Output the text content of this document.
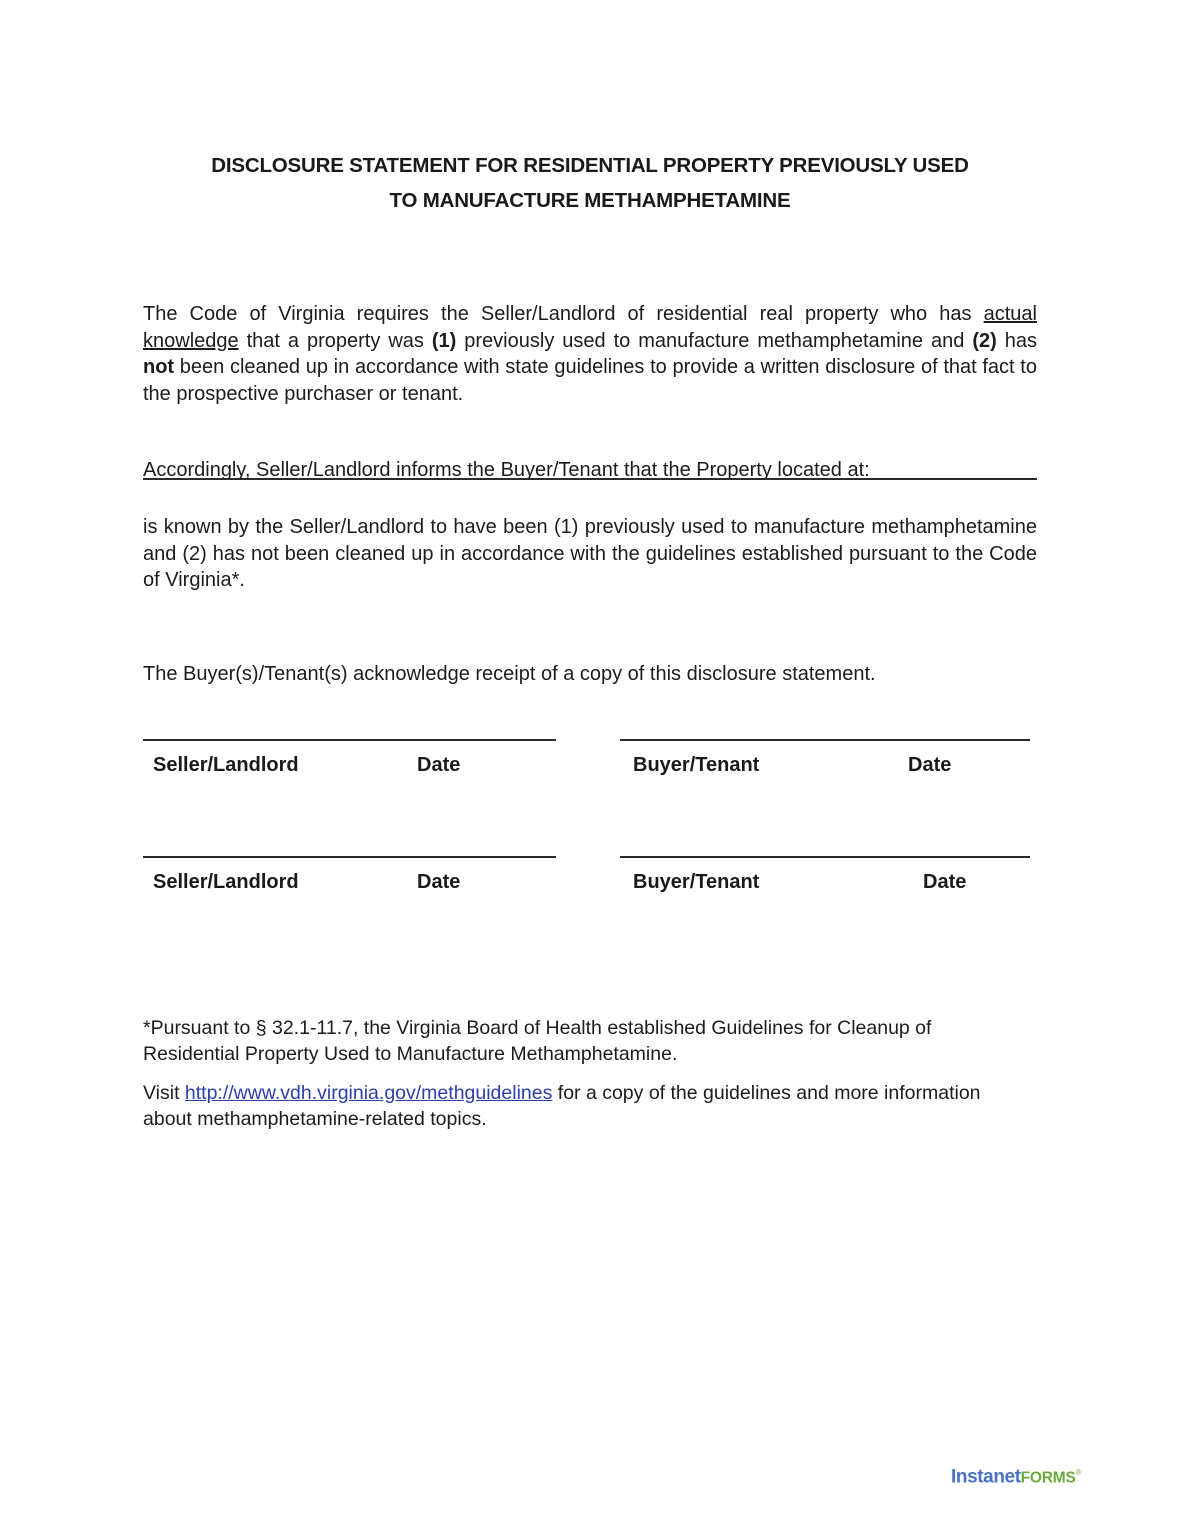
DISCLOSURE STATEMENT FOR RESIDENTIAL PROPERTY PREVIOUSLY USED
TO MANUFACTURE METHAMPHETAMINE

The Code of Virginia requires the Seller/Landlord of residential real property who has actual knowledge that a property was (1) previously used to manufacture methamphetamine and (2) has not been cleaned up in accordance with state guidelines to provide a written disclosure of that fact to the prospective purchaser or tenant.

Accordingly, Seller/Landlord informs the Buyer/Tenant that the Property located at:

is known by the Seller/Landlord to have been (1) previously used to manufacture methamphetamine and (2) has not been cleaned up in accordance with the guidelines established pursuant to the Code of Virginia*.

The Buyer(s)/Tenant(s) acknowledge receipt of a copy of this disclosure statement.

Seller/Landlord	Date	Buyer/Tenant	Date
Seller/Landlord	Date	Buyer/Tenant	Date

*Pursuant to § 32.1-11.7, the Virginia Board of Health established Guidelines for Cleanup of Residential Property Used to Manufacture Methamphetamine.

Visit http://www.vdh.virginia.gov/methguidelines for a copy of the guidelines and more information about methamphetamine-related topics.

InstanetFORMS®
